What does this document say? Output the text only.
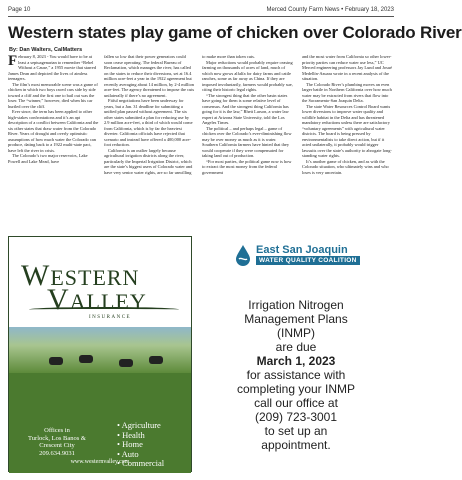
Page 10	Merced County Farm News • February 18, 2023
Western states play game of chicken over Colorado River
By: Dan Walters, CalMatters

February 8, 2023 - You would have to be at least a septuagenarian to remember “Rebel Without a Cause,” a 1955 movie that starred James Dean and depicted the lives of aimless teenagers.

The film’s most memorable scene was a game of chicken in which two boys raced cars side by side toward a cliff and the first one to bail out was the loser. The “winner,” however, died when his car hurtled over the cliff.

Ever since, the term has been applied to other high-stakes confrontations and it’s an apt description of a conflict between California and the six other states that draw water from the Colorado River. Years of drought and overly optimistic assumptions of how much water the Colorado can produce, dating back to a 1922 multi-state pact, have left the river in crisis.

The Colorado’s two major reservoirs, Lake Powell and Lake Mead, have

fallen so low that their power generators could soon cease operating. The federal Bureau of Reclamation, which manages the river, has called on the states to reduce their diversions, set at 16.4 million acre-feet a year in the 1922 agreement but recently averaging about 14 million, by 2-4 million acre-feet. The agency threatened to impose the cuts unilaterally if there’s no agreement.

Fitful negotiations have been underway for years, but a Jan. 31 deadline for submitting a unified plan passed without agreement. The six other states submitted a plan for reducing use by 2.9 million acre-feet, a third of which would come from California, which is by far the heaviest diverter. California officials have rejected that scenario and instead have offered a 400,000 acre-foot reduction.

California is an outlier largely because agricultural irrigation districts along the river, particularly the Imperial Irrigation District, which are the state’s biggest users of Colorado water and have very senior water rights, are so far unwilling

to make more than token cuts.

Major reductions would probably require ceasing farming on thousands of acres of land, much of which now grows alfalfa for dairy farms and cattle ranches, some as far away as China. If they are imposed involuntarily, farmers would probably sue, citing their historic legal rights.

“The strongest thing that the other basin states have going for them is some relative level of consensus. And the strongest thing California has going for it is the law,” Rhett Larson, a water law expert at Arizona State University, told the Los Angeles Times.

The political – and perhaps legal – game of chicken over the Colorado’s ever-diminishing flow may be over money as much as it is water. Southern California farmers have hinted that they would cooperate if they were compensated for taking land out of production.

“For most parties, the political game now is how to extract the most money from the federal government

and the most water from California so other lower-priority parties can reduce water use less,” UC Merced engineering professors Jay Lund and Josué Medellín-Azuara wrote in a recent analysis of the situation.

The Colorado River’s plumbing moves an even larger battle in Northern California over how much water may be extracted from rivers that flow into the Sacramento-San Joaquin Delta.

The state Water Resources Control Board wants lower diversions to improve water quality and wildlife habitat in the Delta and has threatened mandatory reductions unless there are satisfactory “voluntary agreements” with agricultural water districts. The board is being pressed by environmentalists to take direct action, but if it acted unilaterally, it probably would trigger lawsuits over the state’s authority to abrogate long-standing water rights.

It’s another game of chicken, and as with the Colorado situation, who ultimately wins and who loses is very uncertain.

WESTERN
VALLEY
INSURANCE
Offices in
Turlock, Los Banos &
Crescent City
209.634.9031
• Agriculture
• Health
• Home
• Auto
• Commercial
www.westernvalley.com
East San Joaquin
WATER QUALITY COALITION
Irrigation Nitrogen
Management Plans
(INMP)
are due
March 1, 2023
for assistance with
completing your INMP
call our office at
(209) 723-3001
to set up an
appointment.
